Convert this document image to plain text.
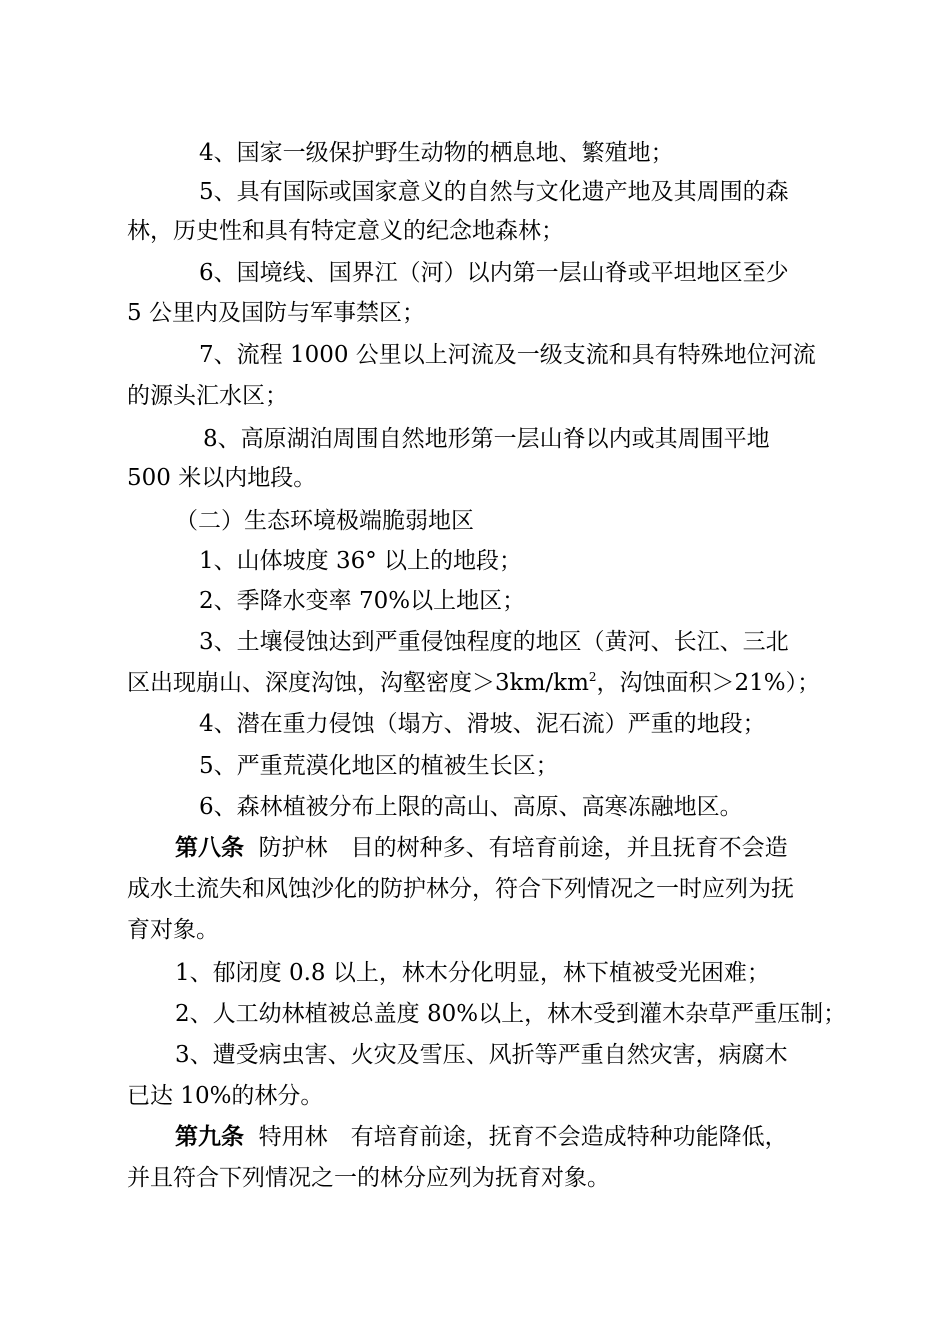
4、国家一级保护野生动物的栖息地、繁殖地；
5、具有国际或国家意义的自然与文化遗产地及其周围的森
林，历史性和具有特定意义的纪念地森林；
6、国境线、国界江（河）以内第一层山脊或平坦地区至少
5 公里内及国防与军事禁区；
7、流程 1000 公里以上河流及一级支流和具有特殊地位河流
的源头汇水区；
8、高原湖泊周围自然地形第一层山脊以内或其周围平地
500 米以内地段。
（二）生态环境极端脆弱地区
1、山体坡度 36° 以上的地段；
2、季降水变率 70%以上地区；
3、土壤侵蚀达到严重侵蚀程度的地区（黄河、长江、三北
区出现崩山、深度沟蚀，沟壑密度$>3km/km^2$，沟蚀面积＞21%）；
4、潜在重力侵蚀（塌方、滑坡、泥石流）严重的地段；
5、严重荒漠化地区的植被生长区；
6、森林植被分布上限的高山、高原、高寒冻融地区。
第八条 防护林　目的树种多、有培育前途，并且抚育不会造
成水土流失和风蚀沙化的防护林分，符合下列情况之一时应列为抚
育对象。
1、郁闭度 0.8 以上，林木分化明显，林下植被受光困难；
2、人工幼林植被总盖度 80%以上，林木受到灌木杂草严重压制；
3、遭受病虫害、火灾及雪压、风折等严重自然灾害，病腐木
已达 10%的林分。
第九条 特用林　有培育前途，抚育不会造成特种功能降低，
并且符合下列情况之一的林分应列为抚育对象。
